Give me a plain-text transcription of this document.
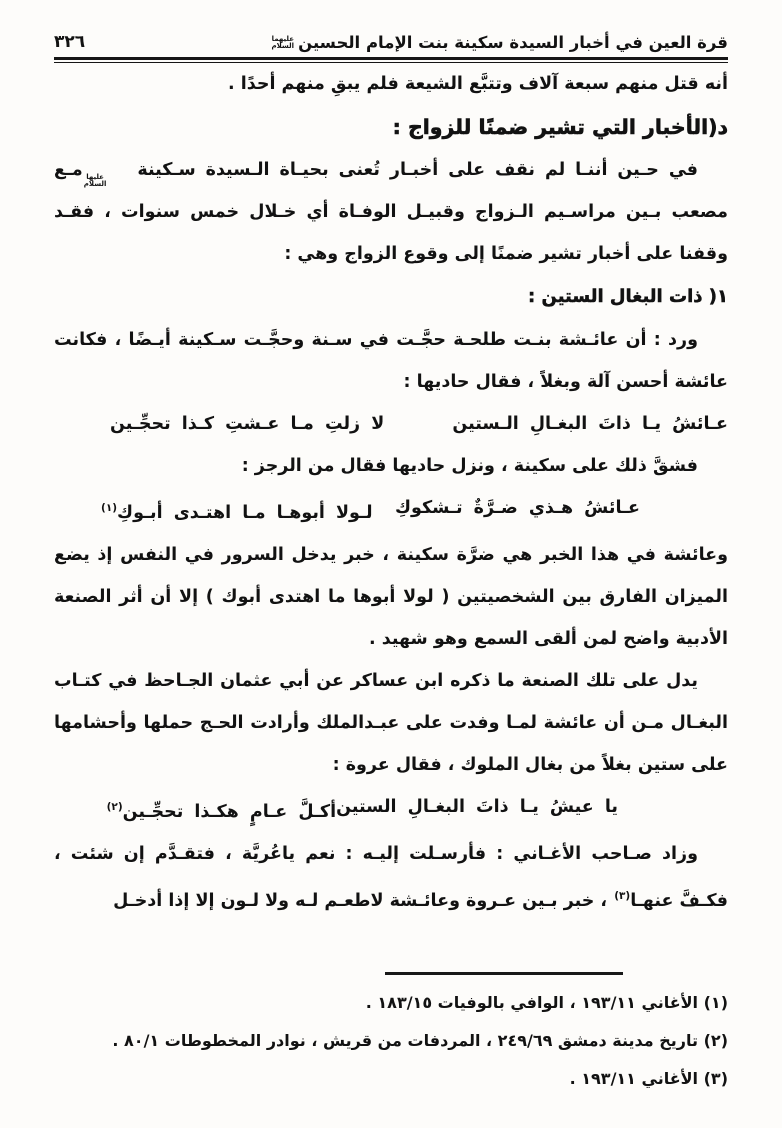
قرة العين في أخبار السيدة سكينة بنت الإمام الحسين
عليهما
السلام
٣٢٦

أنه قتل منهم سبعة آلاف وتتبَّع الشيعة فلم يبقِ منهم أحدًا .

د(الأخبار التي تشير ضمنًا للزواج :

في حـين أننـا لم نقف على أخبـار تُعنى بحيـاة الـسيدة سـكينة
عليها
السلام
مـع مصعب بـين مراسـيم الـزواج وقبيـل الوفـاة أي خـلال خمس سنوات ، فقـد وقفنا على أخبار تشير ضمنًا إلى وقوع الزواج وهي :

١( ذات البغال الستين :

ورد : أن عائـشة بنـت طلحـة حجَّـت في سـنة وحجَّـت سـكينة أيـضًا ، فكانت عائشة أحسن آلة وبغلاً ، فقال حاديها :

عـائشُ يـا ذاتَ البغـالِ الـستين
لا زلتِ مـا عـشتِ كـذا تحجِّـين

فشقَّ ذلك على سكينة ، ونزل حاديها فقال من الرجز :

عـائشُ هـذي ضـرَّةٌ تـشكوكِ
لـولا أبوهـا مـا اهتـدى أبـوكِ$^{(١)}$

وعائشة في هذا الخبر هي ضرَّة سكينة ، خبر يدخل السرور في النفس إذ يضع الميزان الفارق بين الشخصيتين ( لولا أبوها ما اهتدى أبوك ) إلا أن أثر الصنعة الأدبية واضح لمن ألقى السمع وهو شهيد .

يدل على تلك الصنعة ما ذكره ابن عساكر عن أبي عثمان الجـاحظ في كتـاب البغـال مـن أن عائشة لمـا وفدت على عبـدالملك وأرادت الحـج حملها وأحشامها على ستين بغلاً من بغال الملوك ، فقال عروة :

يا عيشُ يـا ذاتَ البغـالِ الستين
أكـلَّ عـامٍ هكـذا تحجِّـين$^{(٢)}$

وزاد صـاحب الأغـاني : فأرسـلت إليـه : نعم ياعُريَّة ، فتقـدَّم إن شئت ، فكـفَّ عنهـا$^{(٣)}$ ، خبر بـين عـروة وعائـشة لاطعـم لـه ولا لـون إلا إذا أدخـل

(١) الأغاني ١٩٣/١١ ، الوافي بالوفيات ١٨٣/١٥ .
(٢) تاريخ مدينة دمشق ٢٤٩/٦٩ ، المردفات من قريش ، نوادر المخطوطات ٨٠/١ .
(٣) الأغاني ١٩٣/١١ .
